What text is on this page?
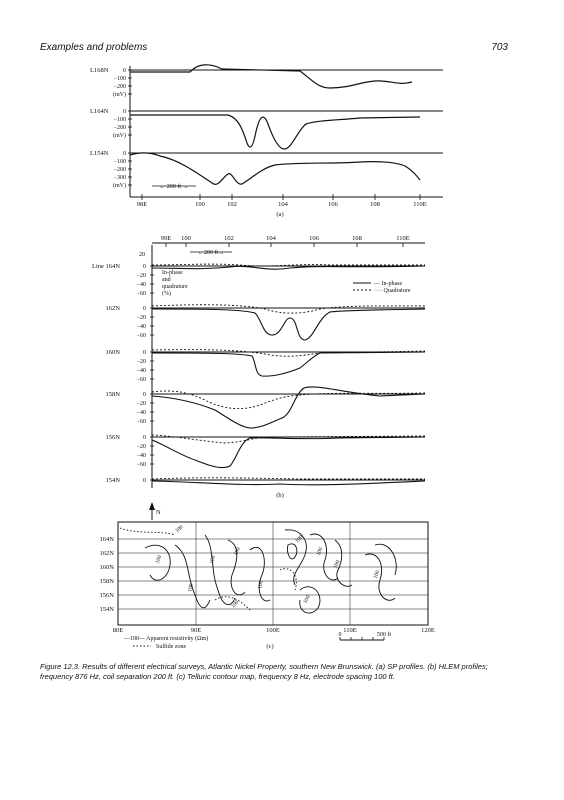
Examples and problems	703
L168N 0
−100
−200
(mV)
L164N 0
−100
−200
(mV)
L154N 0
−100
−200
−300
(mV)	← 200 ft →
98E	100	102	104	106	108	110E
(a)
99E 100	102	104	106	108	110E
←200 ft→
20
Line 164N	0
−20
−40
−60
162N	0
−20
−40
−60
160N	0
−20
−40
−60
158N	0
−20
−40
−60
156N	0
−20
−40
−60
154N	0
In-phase
and
quadrature
(%)
— In-phase
···· Quadrature
(b)
N
164N
162N
160N
158N
156N
154N
80E	90E	100E	110E	120E
100
100
100
100
100
100
100
100
100
100
100
100
—100— Apparent resistivity (Ωm)
Sulfide zone
0	500 ft
(c)
Figure 12.3. Results of different electrical surveys, Atlantic Nickel Property, southern New Brunswick. (a) SP profiles. (b) HLEM profiles; frequency 876 Hz, coil separation 200 ft. (c) Telluric contour map, frequency 8 Hz, electrode spacing 100 ft.
